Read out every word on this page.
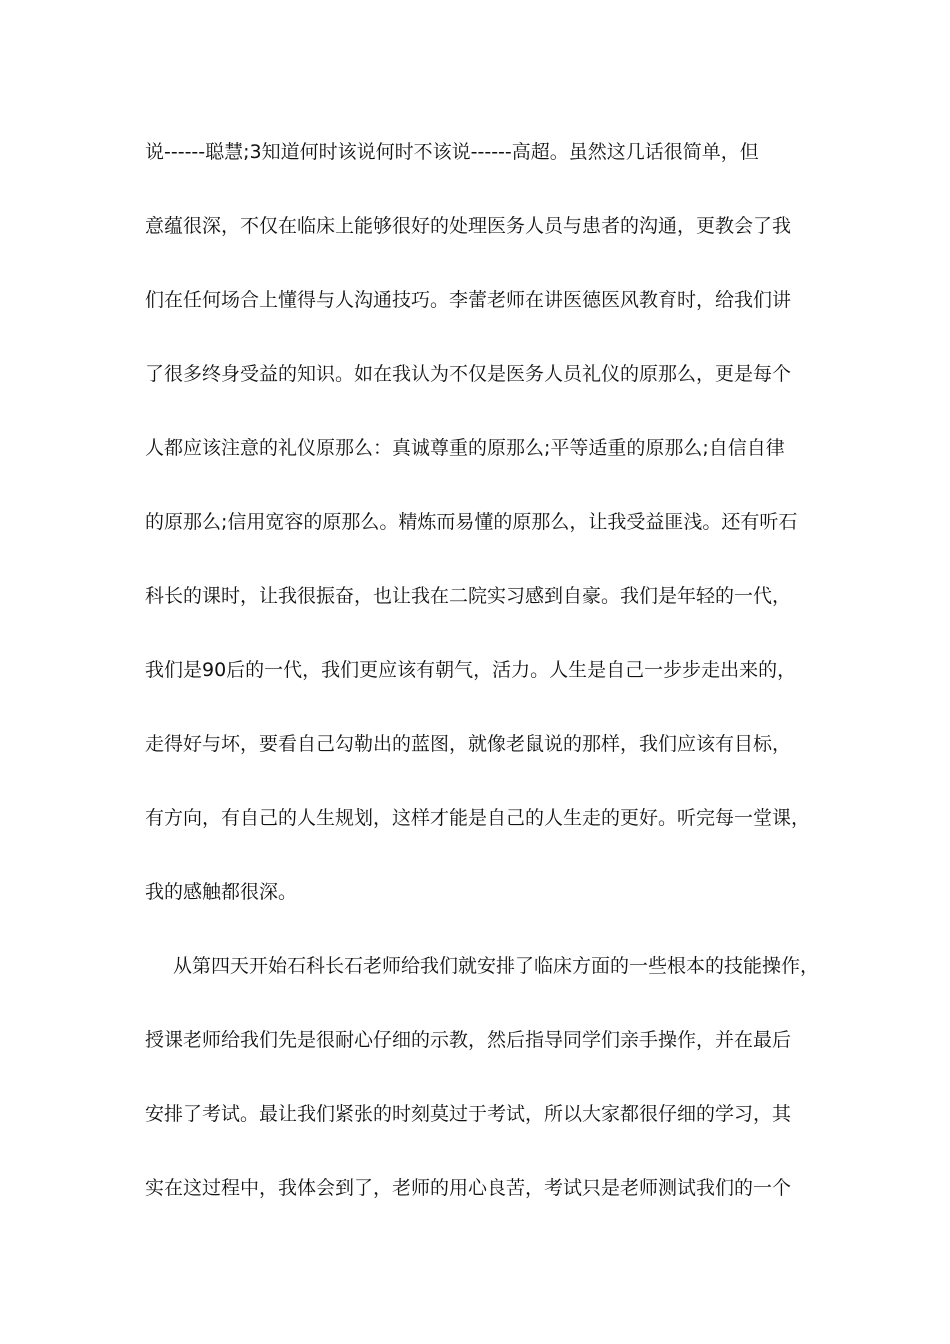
说------聪慧;3知道何时该说何时不该说------高超。虽然这几话很简单，但
意蕴很深，不仅在临床上能够很好的处理医务人员与患者的沟通，更教会了我
们在任何场合上懂得与人沟通技巧。李蕾老师在讲医德医风教育时，给我们讲
了很多终身受益的知识。如在我认为不仅是医务人员礼仪的原那么，更是每个
人都应该注意的礼仪原那么：真诚尊重的原那么;平等适重的原那么;自信自律
的原那么;信用宽容的原那么。精炼而易懂的原那么，让我受益匪浅。还有听石
科长的课时，让我很振奋，也让我在二院实习感到自豪。我们是年轻的一代，
我们是90后的一代，我们更应该有朝气，活力。人生是自己一步步走出来的，
走得好与坏，要看自己勾勒出的蓝图，就像老鼠说的那样，我们应该有目标，
有方向，有自己的人生规划，这样才能是自己的人生走的更好。听完每一堂课，
我的感触都很深。
从第四天开始石科长石老师给我们就安排了临床方面的一些根本的技能操作，
授课老师给我们先是很耐心仔细的示教，然后指导同学们亲手操作，并在最后
安排了考试。最让我们紧张的时刻莫过于考试，所以大家都很仔细的学习，其
实在这过程中，我体会到了，老师的用心良苦，考试只是老师测试我们的一个
